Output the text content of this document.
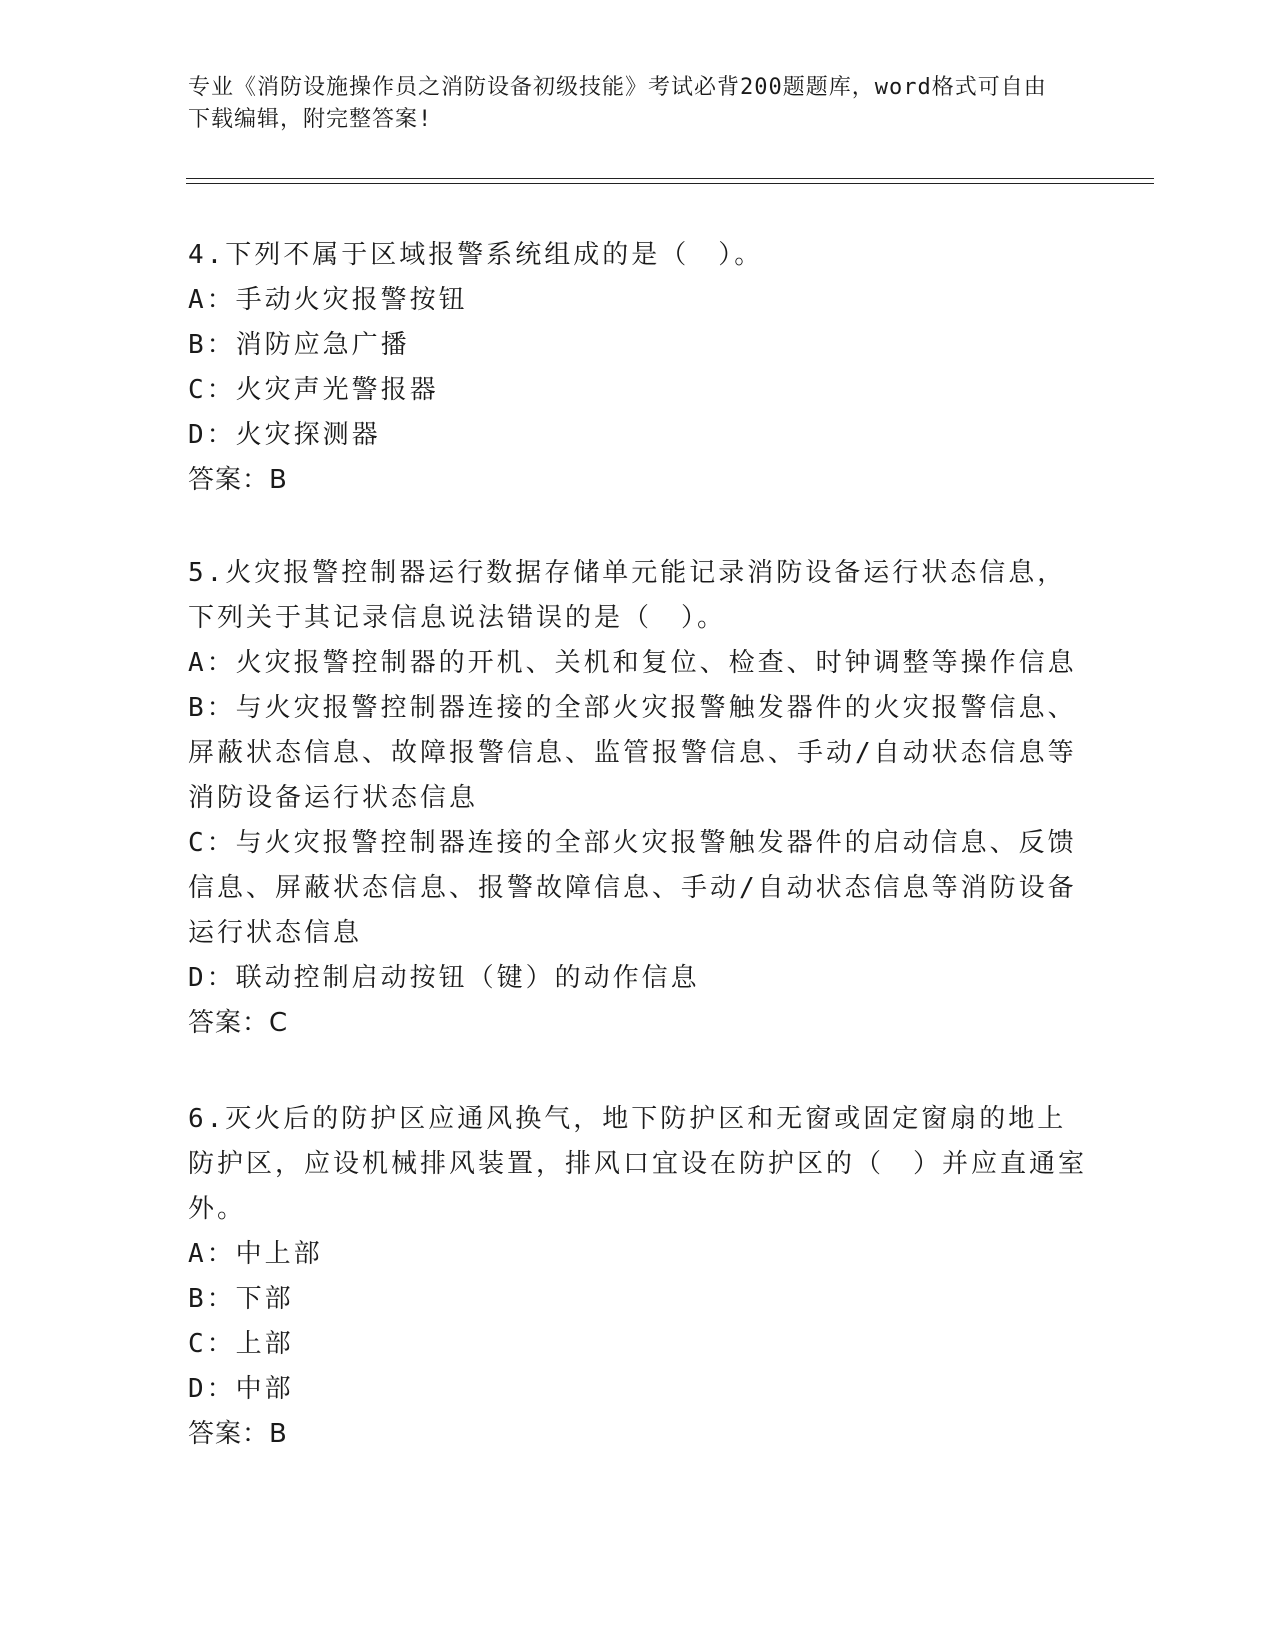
专业《消防设施操作员之消防设备初级技能》考试必背200题题库，word格式可自由下载编辑，附完整答案!
4.下列不属于区域报警系统组成的是（　）。
A：手动火灾报警按钮
B：消防应急广播
C：火灾声光警报器
D：火灾探测器
答案：B
5.火灾报警控制器运行数据存储单元能记录消防设备运行状态信息，下列关于其记录信息说法错误的是（　）。
A：火灾报警控制器的开机、关机和复位、检查、时钟调整等操作信息
B：与火灾报警控制器连接的全部火灾报警触发器件的火灾报警信息、屏蔽状态信息、故障报警信息、监管报警信息、手动/自动状态信息等消防设备运行状态信息
C：与火灾报警控制器连接的全部火灾报警触发器件的启动信息、反馈信息、屏蔽状态信息、报警故障信息、手动/自动状态信息等消防设备运行状态信息
D：联动控制启动按钮（键）的动作信息
答案：C
6.灭火后的防护区应通风换气，地下防护区和无窗或固定窗扇的地上防护区，应设机械排风装置，排风口宜设在防护区的（　）并应直通室外。
A：中上部
B：下部
C：上部
D：中部
答案：B
